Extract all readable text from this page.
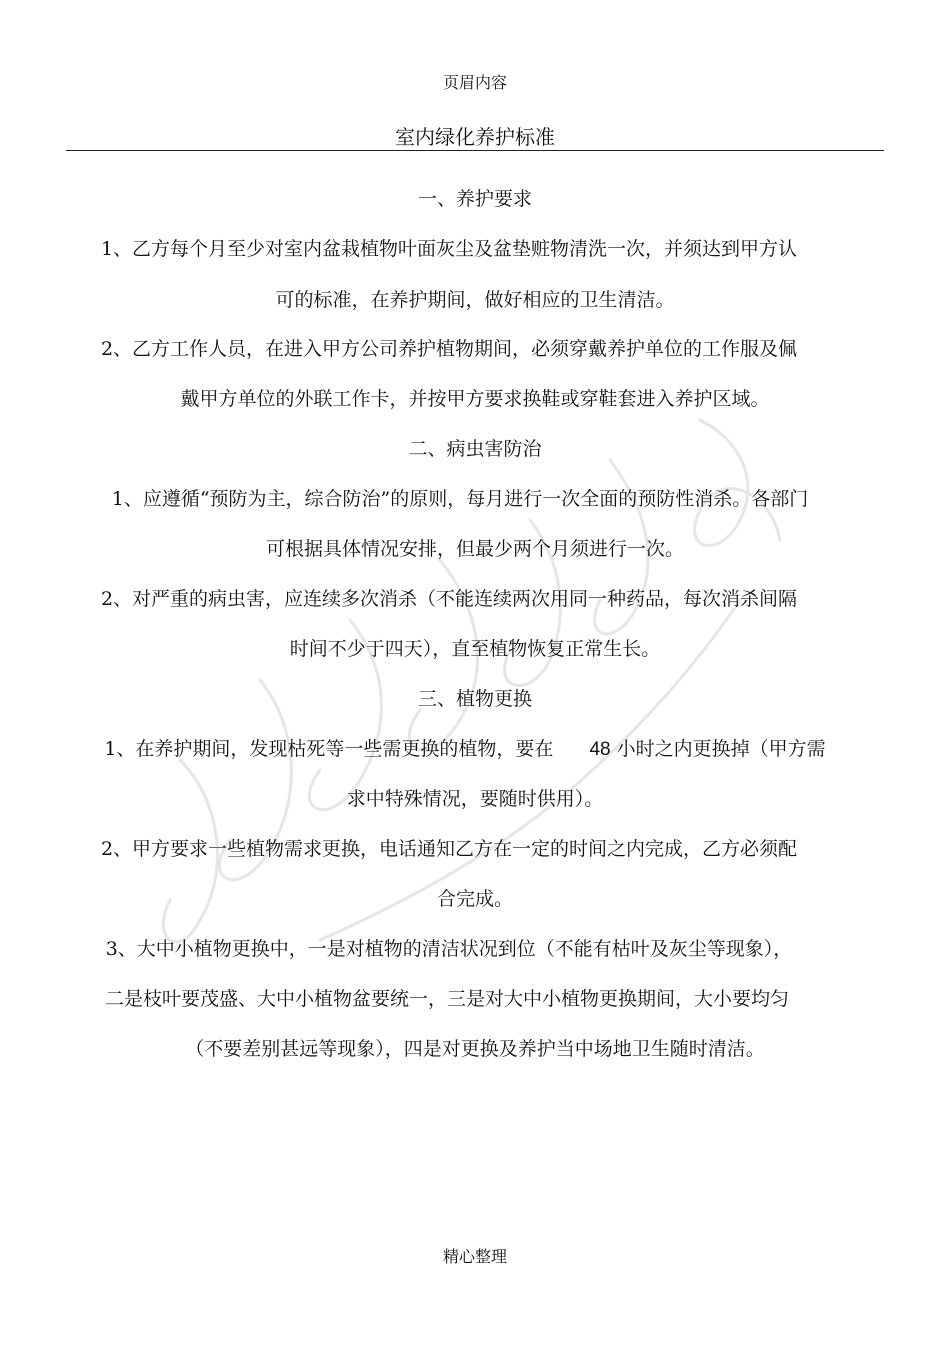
页眉内容
室内绿化养护标准
一、养护要求
1、乙方每个月至少对室内盆栽植物叶面灰尘及盆垫赃物清洗一次，并须达到甲方认
可的标准，在养护期间，做好相应的卫生清洁。
2、乙方工作人员，在进入甲方公司养护植物期间，必须穿戴养护单位的工作服及佩
戴甲方单位的外联工作卡，并按甲方要求换鞋或穿鞋套进入养护区域。
二、病虫害防治
1、应遵循“预防为主，综合防治”的原则，每月进行一次全面的预防性消杀。各部门
可根据具体情况安排，但最少两个月须进行一次。
2、对严重的病虫害，应连续多次消杀（不能连续两次用同一种药品，每次消杀间隔
时间不少于四天），直至植物恢复正常生长。
三、植物更换
1、在养护期间，发现枯死等一些需更换的植物，要在 48 小时之内更换掉（甲方需
求中特殊情况，要随时供用）。
2、甲方要求一些植物需求更换，电话通知乙方在一定的时间之内完成，乙方必须配
合完成。
3、大中小植物更换中，一是对植物的清洁状况到位（不能有枯叶及灰尘等现象），
二是枝叶要茂盛、大中小植物盆要统一，三是对大中小植物更换期间，大小要均匀
（不要差别甚远等现象），四是对更换及养护当中场地卫生随时清洁。
精心整理
